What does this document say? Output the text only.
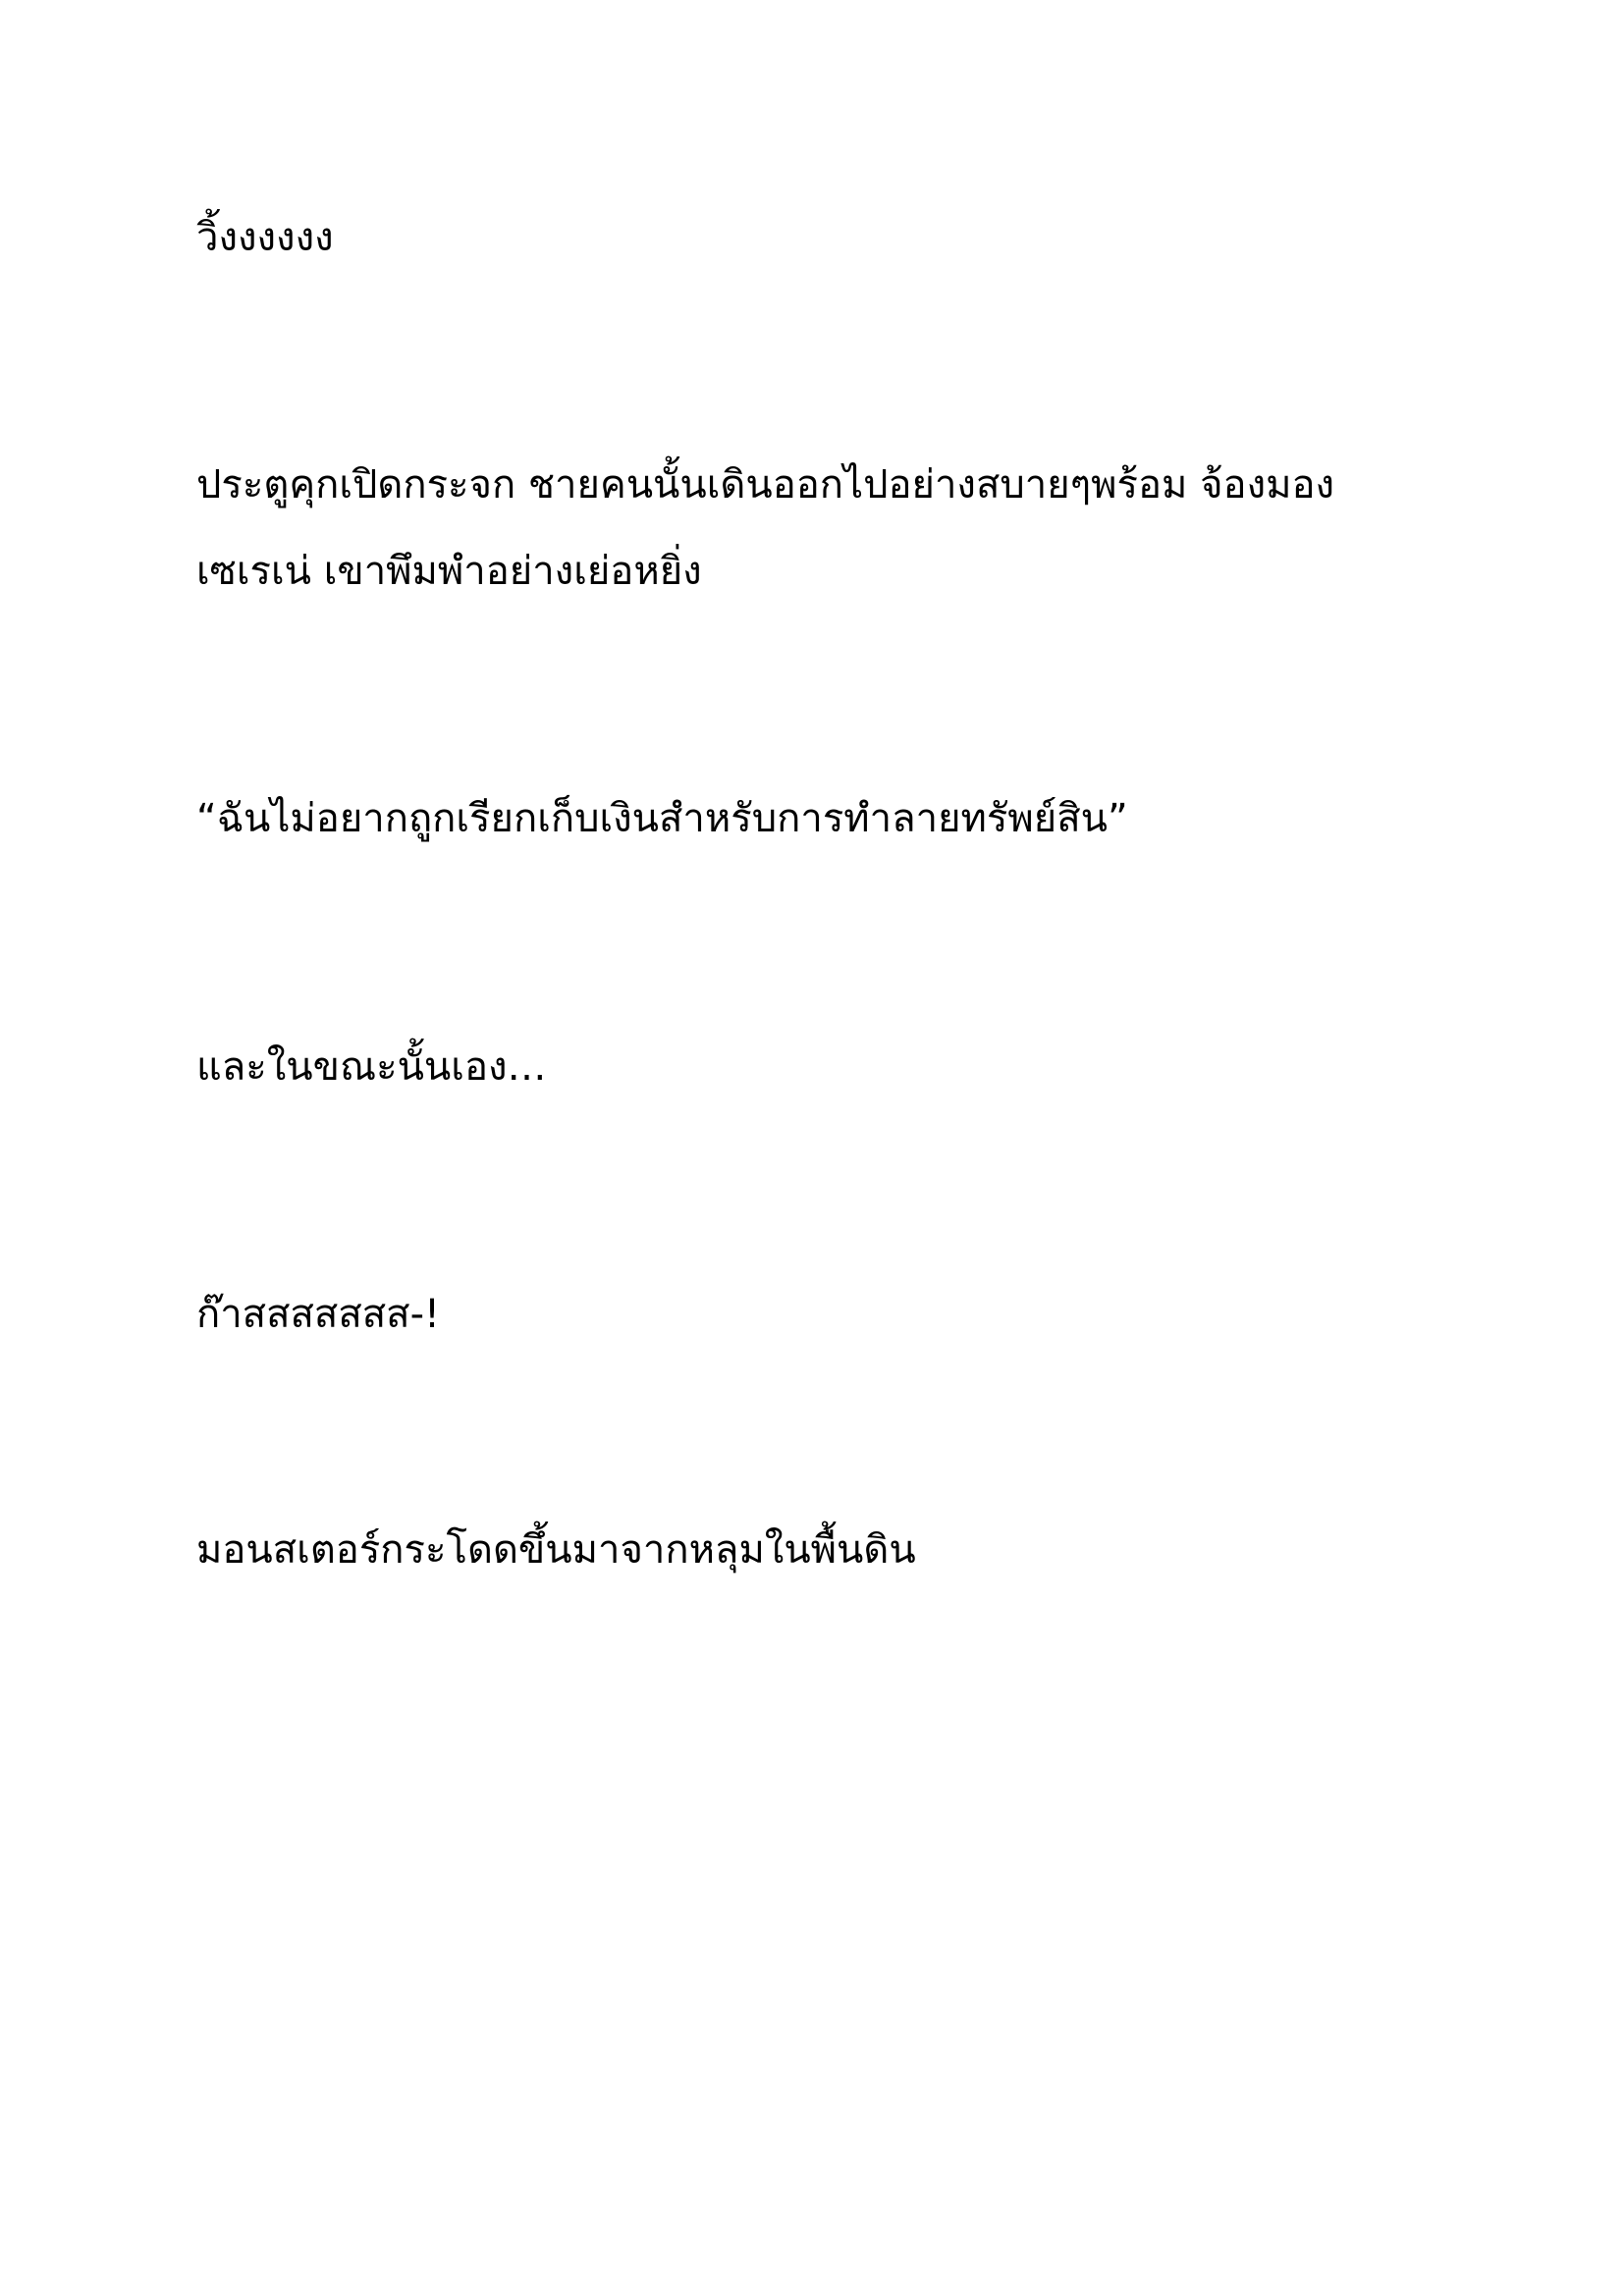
วิ้งงงงงง

ประตูคุกเปิดกระจก ชายคนนั้นเดินออกไปอย่างสบายๆพร้อม จ้องมอง
เซเรเน่ เขาพึมพำอย่างเย่อหยิ่ง

“ฉันไม่อยากถูกเรียกเก็บเงินสำหรับการทำลายทรัพย์สิน”

และในขณะนั้นเอง…

ก๊าสสสสสสส-!

มอนสเตอร์กระโดดขึ้นมาจากหลุมในพื้นดิน
